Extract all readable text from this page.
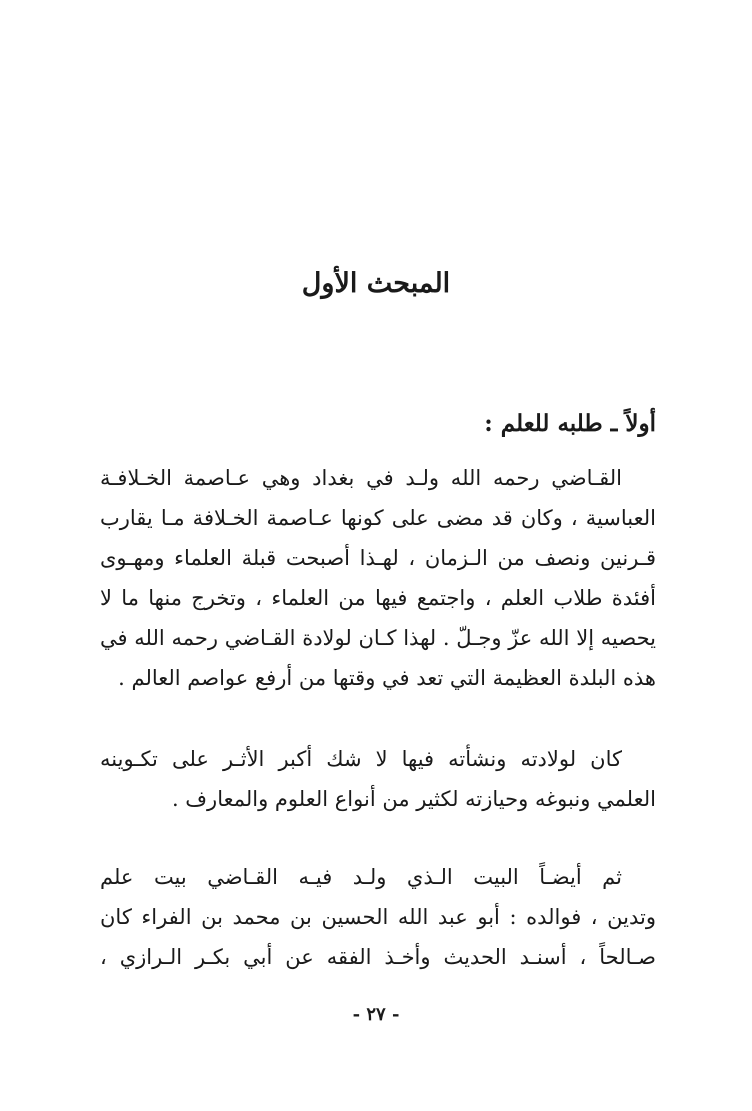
المبحث الأول
أولاً ـ طلبه للعلم :
القـاضي رحمه الله ولـد في بغداد وهي عـاصمة الخـلافـة
العباسية ، وكان قد مضى على كونها عـاصمة الخـلافة مـا يقارب
قـرنين ونصف من الـزمان ، لهـذا أصبحت قبلة العلماء ومهـوى
أفئدة طلاب العلم ، واجتمع فيها من العلماء ، وتخرج منها ما لا
يحصيه إلا الله عزّ وجـلّ . لهذا كـان لولادة القـاضي رحمه الله في
هذه البلدة العظيمة التي تعد في وقتها من أرفع عواصم العالم .
كان لولادته ونشأته فيها لا شك أكبر الأثـر على تكـوينه
العلمي ونبوغه وحيازته لكثير من أنواع العلوم والمعارف .
ثم أيضـاً البيت الـذي ولـد فيـه القـاضي بيت علم
وتدين ، فوالده : أبو عبد الله الحسين بن محمد بن الفراء كان
صـالحاً ، أسنـد الحديث وأخـذ الفقه عن أبي بكـر الـرازي ،
- ٢٧ -
